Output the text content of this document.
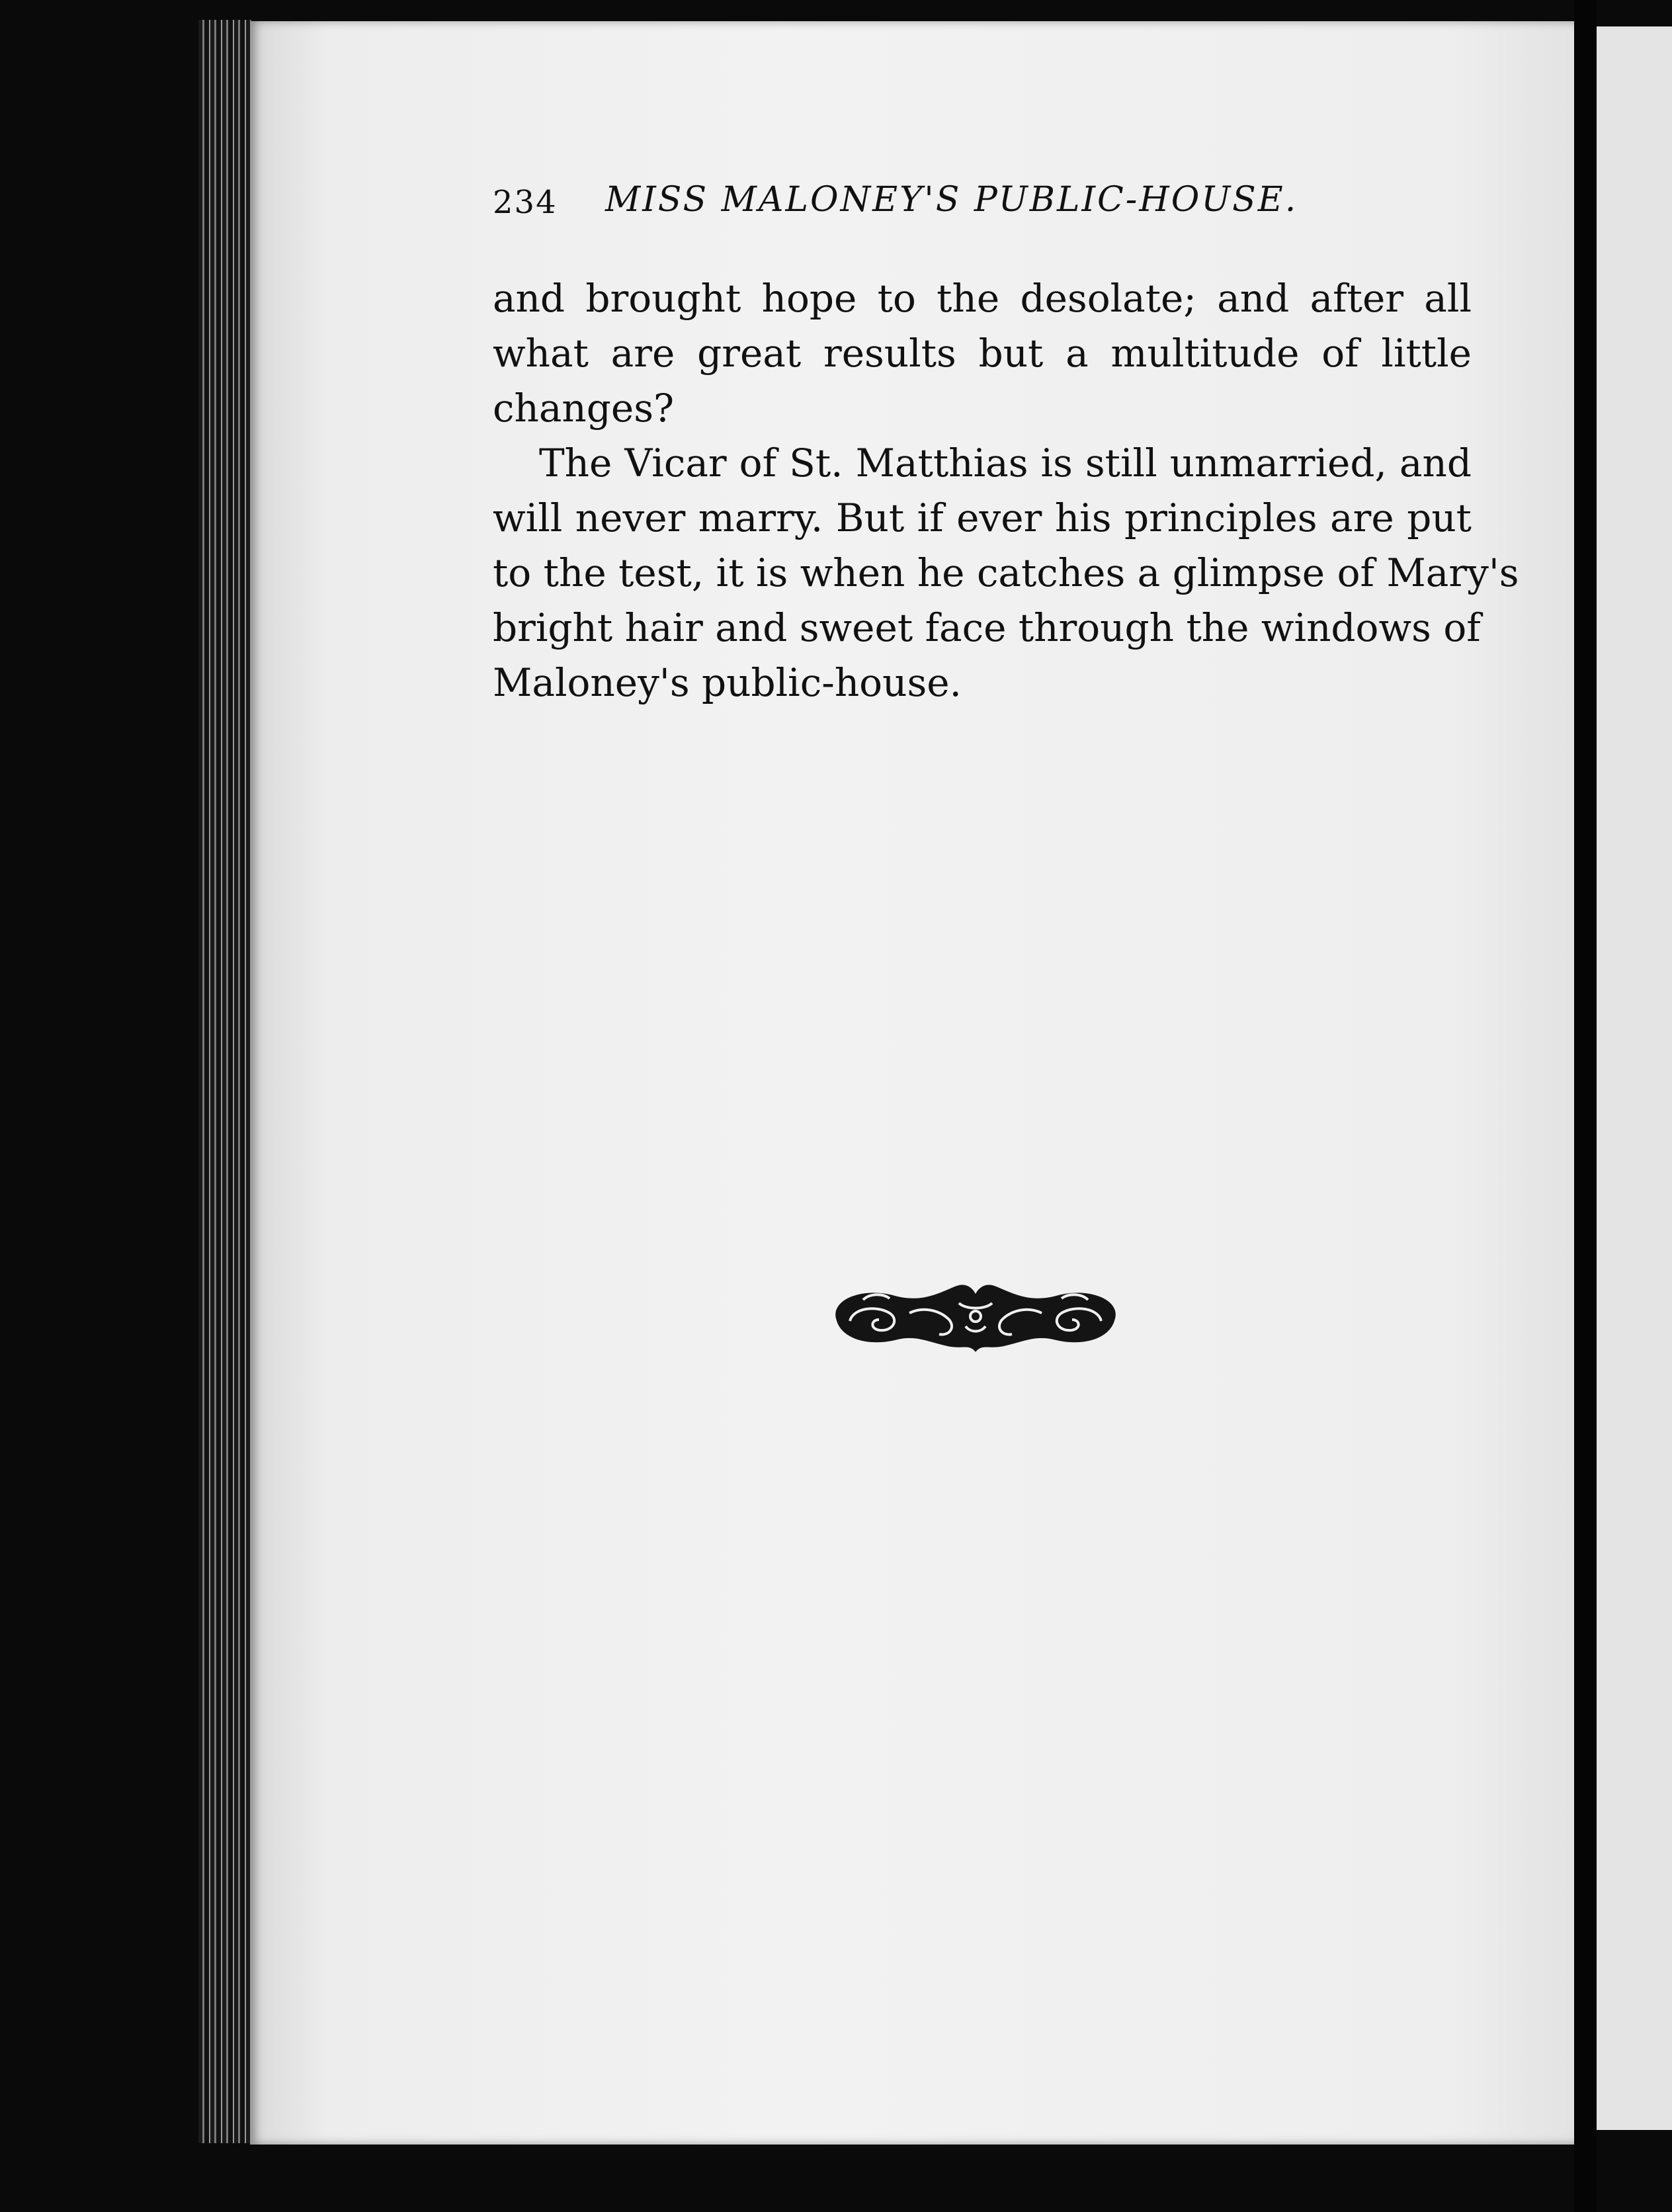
234 MISS MALONEY'S PUBLIC-HOUSE.

and brought hope to the desolate; and after all
what are great results but a multitude of little
changes?

The Vicar of St. Matthias is still unmarried, and
will never marry. But if ever his principles are put
to the test, it is when he catches a glimpse of Mary's
bright hair and sweet face through the windows of
Maloney's public-house.
